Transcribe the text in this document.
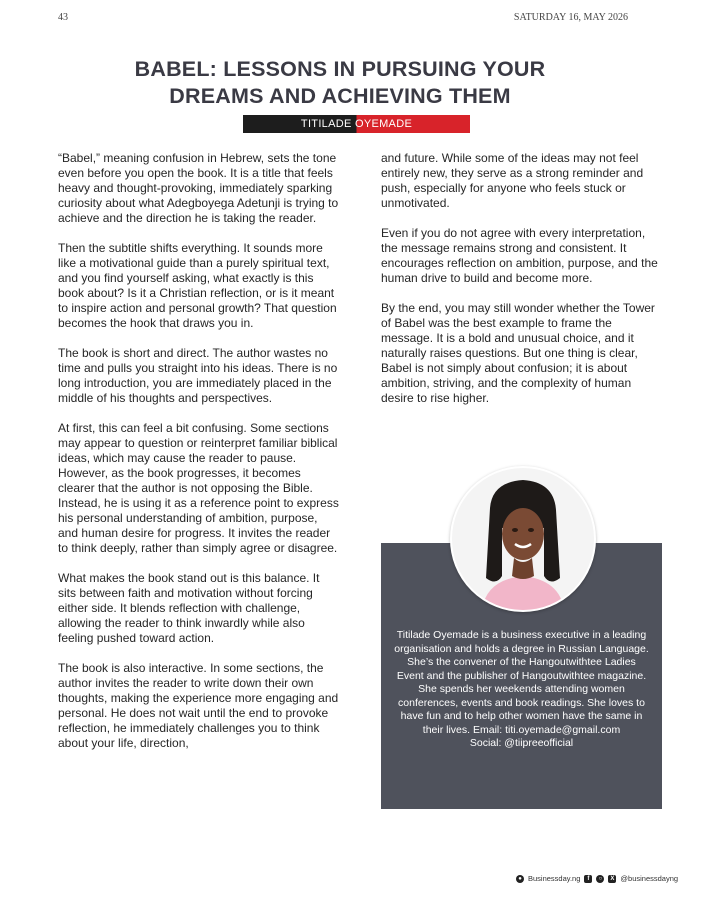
43	SATURDAY 16, MAY 2026
BABEL: LESSONS IN PURSUING YOUR
DREAMS AND ACHIEVING THEM
TITILADE OYEMADE

“Babel,” meaning confusion in Hebrew, sets the tone even before you open the book. It is a title that feels heavy and thought-provoking, immediately sparking curiosity about what Adegboyega Adetunji is trying to achieve and the direction he is taking the reader.

Then the subtitle shifts everything. It sounds more like a motivational guide than a purely spiritual text, and you find yourself asking, what exactly is this book about? Is it a Christian reflection, or is it meant to inspire action and personal growth? That question becomes the hook that draws you in.

The book is short and direct. The author wastes no time and pulls you straight into his ideas. There is no long introduction, you are immediately placed in the middle of his thoughts and perspectives.

At first, this can feel a bit confusing. Some sections may appear to question or reinterpret familiar biblical ideas, which may cause the reader to pause. However, as the book progresses, it becomes clearer that the author is not opposing the Bible. Instead, he is using it as a reference point to express his personal understanding of ambition, purpose, and human desire for progress. It invites the reader to think deeply, rather than simply agree or disagree.

What makes the book stand out is this balance. It sits between faith and motivation without forcing either side. It blends reflection with challenge, allowing the reader to think inwardly while also feeling pushed toward action.

The book is also interactive. In some sections, the author invites the reader to write down their own thoughts, making the experience more engaging and personal. He does not wait until the end to provoke reflection, he immediately challenges you to think about your life, direction,

and future. While some of the ideas may not feel entirely new, they serve as a strong reminder and push, especially for anyone who feels stuck or unmotivated.

Even if you do not agree with every interpretation, the message remains strong and consistent. It encourages reflection on ambition, purpose, and the human drive to build and become more.

By the end, you may still wonder whether the Tower of Babel was the best example to frame the message. It is a bold and unusual choice, and it naturally raises questions. But one thing is clear, Babel is not simply about confusion; it is about ambition, striving, and the complexity of human desire to rise higher.

Titilade Oyemade is a business executive in a leading organisation and holds a degree in Russian Language. She’s the convener of the Hangoutwithtee Ladies Event and the publisher of Hangoutwithtee magazine. She spends her weekends attending women conferences, events and book readings. She loves to have fun and to help other women have the same in their lives. Email: titi.oyemade@gmail.com
Social: @tiipreeofficial
● Businessday.ng	f	○	X @businessdayng
